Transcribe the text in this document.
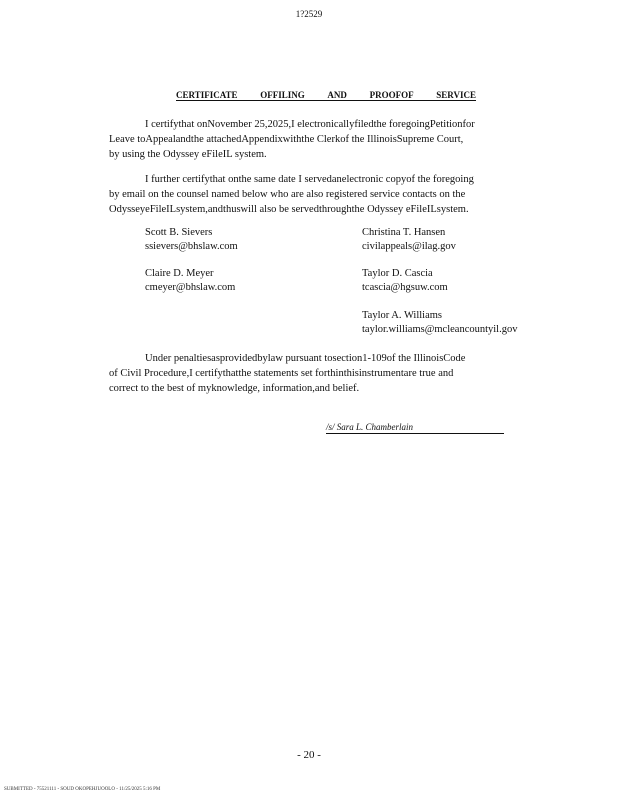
1?2529
CERTIFICATE	OFFILING	AND	PROOFOF	SERVICE
I certifythat onNovember 25,2025,I electronicallyfiledthe foregoingPetitionfor
Leave toAppealandthe attachedAppendixwiththe Clerkof the IllinoisSupreme Court,
by using the Odyssey eFileIL system.
I further certifythat onthe same date I servedanelectronic copyof the foregoing
by email on the counsel named below who are also registered service contacts on the
OdysseyeFileILsystem,andthuswill also be servedthroughthe Odyssey eFileILsystem.
Scott B. Sievers
ssievers@bhslaw.com
Claire D. Meyer
cmeyer@bhslaw.com
Christina T. Hansen
civilappeals@ilag.gov
Taylor D. Cascia
tcascia@hgsuw.com
Taylor A. Williams
taylor.williams@mcleancountyil.gov
Under penaltiesasprovidedbylaw pursuant tosection1-109of the IllinoisCode
of Civil Procedure,I certifythatthe statements set forthinthisinstrumentare true and
correct to the best of myknowledge, information,and belief.
/s/ Sara L. Chamberlain
- 20 -
SUBMITTED - 75521111 - SOUD OKOPEHJUOOLO - 11/25/2025 5:16 PM
